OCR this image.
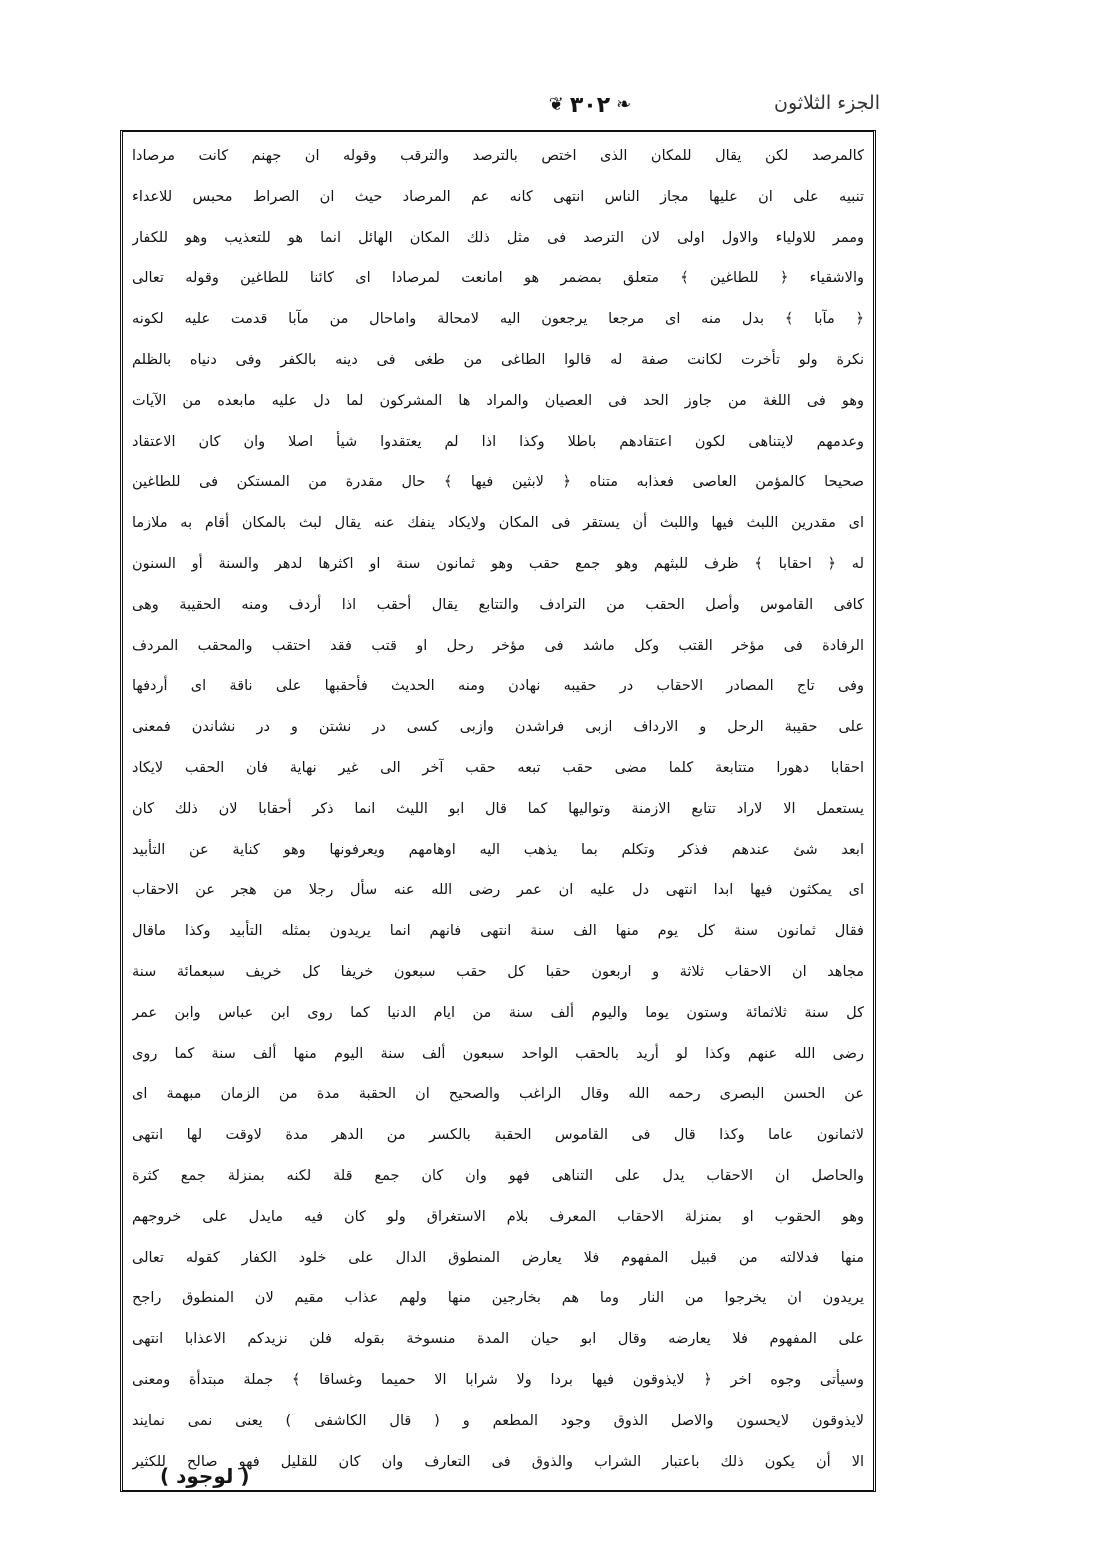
❧
٣٠٢
❦	الجزء الثلاثون
كالمرصد لكن يقال للمكان الذى اختص بالترصد والترقب وقوله ان جهنم كانت مرصادا
تنبيه على ان عليها مجاز الناس انتهى كانه عم المرصاد حيث ان الصراط محبس للاعداء
وممر للاولياء والاول اولى لان الترصد فى مثل ذلك المكان الهائل انما هو للتعذيب وهو للكفار
والاشقياء ﴿ للطاغين ﴾ متعلق بمضمر هو امانعت لمرصادا اى كائنا للطاغين وقوله تعالى
﴿ مآبا ﴾ بدل منه اى مرجعا يرجعون اليه لامحالة واماحال من مآبا قدمت عليه لكونه
نكرة ولو تأخرت لكانت صفة له قالوا الطاغى من طغى فى دينه بالكفر وفى دنياه بالظلم
وهو فى اللغة من جاوز الحد فى العصيان والمراد ها المشركون لما دل عليه مابعده من الآيات
وعدمهم لايتناهى لكون اعتقادهم باطلا وكذا اذا لم يعتقدوا شيأ اصلا وان كان الاعتقاد
صحيحا كالمؤمن العاصى فعذابه متناه ﴿ لابثين فيها ﴾ حال مقدرة من المستكن فى للطاغين
اى مقدرين اللبث فيها واللبث أن يستقر فى المكان ولايكاد ينفك عنه يقال لبث بالمكان أقام به ملازما
له ﴿ احقابا ﴾ ظرف للبثهم وهو جمع حقب وهو ثمانون سنة او اكثرها لدهر والسنة أو السنون
كافى القاموس وأصل الحقب من الترادف والتتابع يقال أحقب اذا أردف ومنه الحقيبة وهى
الرفادة فى مؤخر القتب وكل ماشد فى مؤخر رحل او قتب فقد احتقب والمحقب المردف
وفى تاج المصادر الاحقاب در حقيبه نهادن ومنه الحديث فأحقبها على ناقة اى أردفها
على حقيبة الرحل و الارداف ازبى فراشدن وازبى كسى در نشتن و در نشاندن فمعنى
احقابا دهورا متتابعة كلما مضى حقب تبعه حقب آخر الى غير نهاية فان الحقب لايكاد
يستعمل الا لاراد تتابع الازمنة وتواليها كما قال ابو الليث انما ذكر أحقابا لان ذلك كان
ابعد شئ عندهم فذكر وتكلم بما يذهب اليه اوهامهم ويعرفونها وهو كناية عن التأبيد
اى يمكثون فيها ابدا انتهى دل عليه ان عمر رضى الله عنه سأل رجلا من هجر عن الاحقاب
فقال ثمانون سنة كل يوم منها الف سنة انتهى فانهم انما يريدون بمثله التأبيد وكذا ماقال
مجاهد ان الاحقاب ثلاثة و اربعون حقبا كل حقب سبعون خريفا كل خريف سبعمائة سنة
كل سنة ثلاثمائة وستون يوما واليوم ألف سنة من ايام الدنيا كما روى ابن عباس وابن عمر
رضى الله عنهم وكذا لو أريد بالحقب الواحد سبعون ألف سنة اليوم منها ألف سنة كما روى
عن الحسن البصرى رحمه الله وقال الراغب والصحيح ان الحقبة مدة من الزمان مبهمة اى
لاثمانون عاما وكذا قال فى القاموس الحقبة بالكسر من الدهر مدة لاوقت لها انتهى
والحاصل ان الاحقاب يدل على التناهى فهو وان كان جمع قلة لكنه بمنزلة جمع كثرة
وهو الحقوب او بمنزلة الاحقاب المعرف بلام الاستغراق ولو كان فيه مايدل على خروجهم
منها فدلالته من قبيل المفهوم فلا يعارض المنطوق الدال على خلود الكفار كقوله تعالى
يريدون ان يخرجوا من النار وما هم بخارجين منها ولهم عذاب مقيم لان المنطوق راجح
على المفهوم فلا يعارضه وقال ابو حيان المدة منسوخة بقوله فلن نزيدكم الاعذابا انتهى
وسيأتى وجوه اخر ﴿ لايذوقون فيها بردا ولا شرابا الا حميما وغساقا ﴾ جملة مبتدأة ومعنى
لايذوقون لايحسون والاصل الذوق وجود المطعم و ( قال الكاشفى ) يعنى نمى نمايند
الا أن يكون ذلك باعتبار الشراب والذوق فى التعارف وان كان للقليل فهو صالح للكثير
( لوجود )
